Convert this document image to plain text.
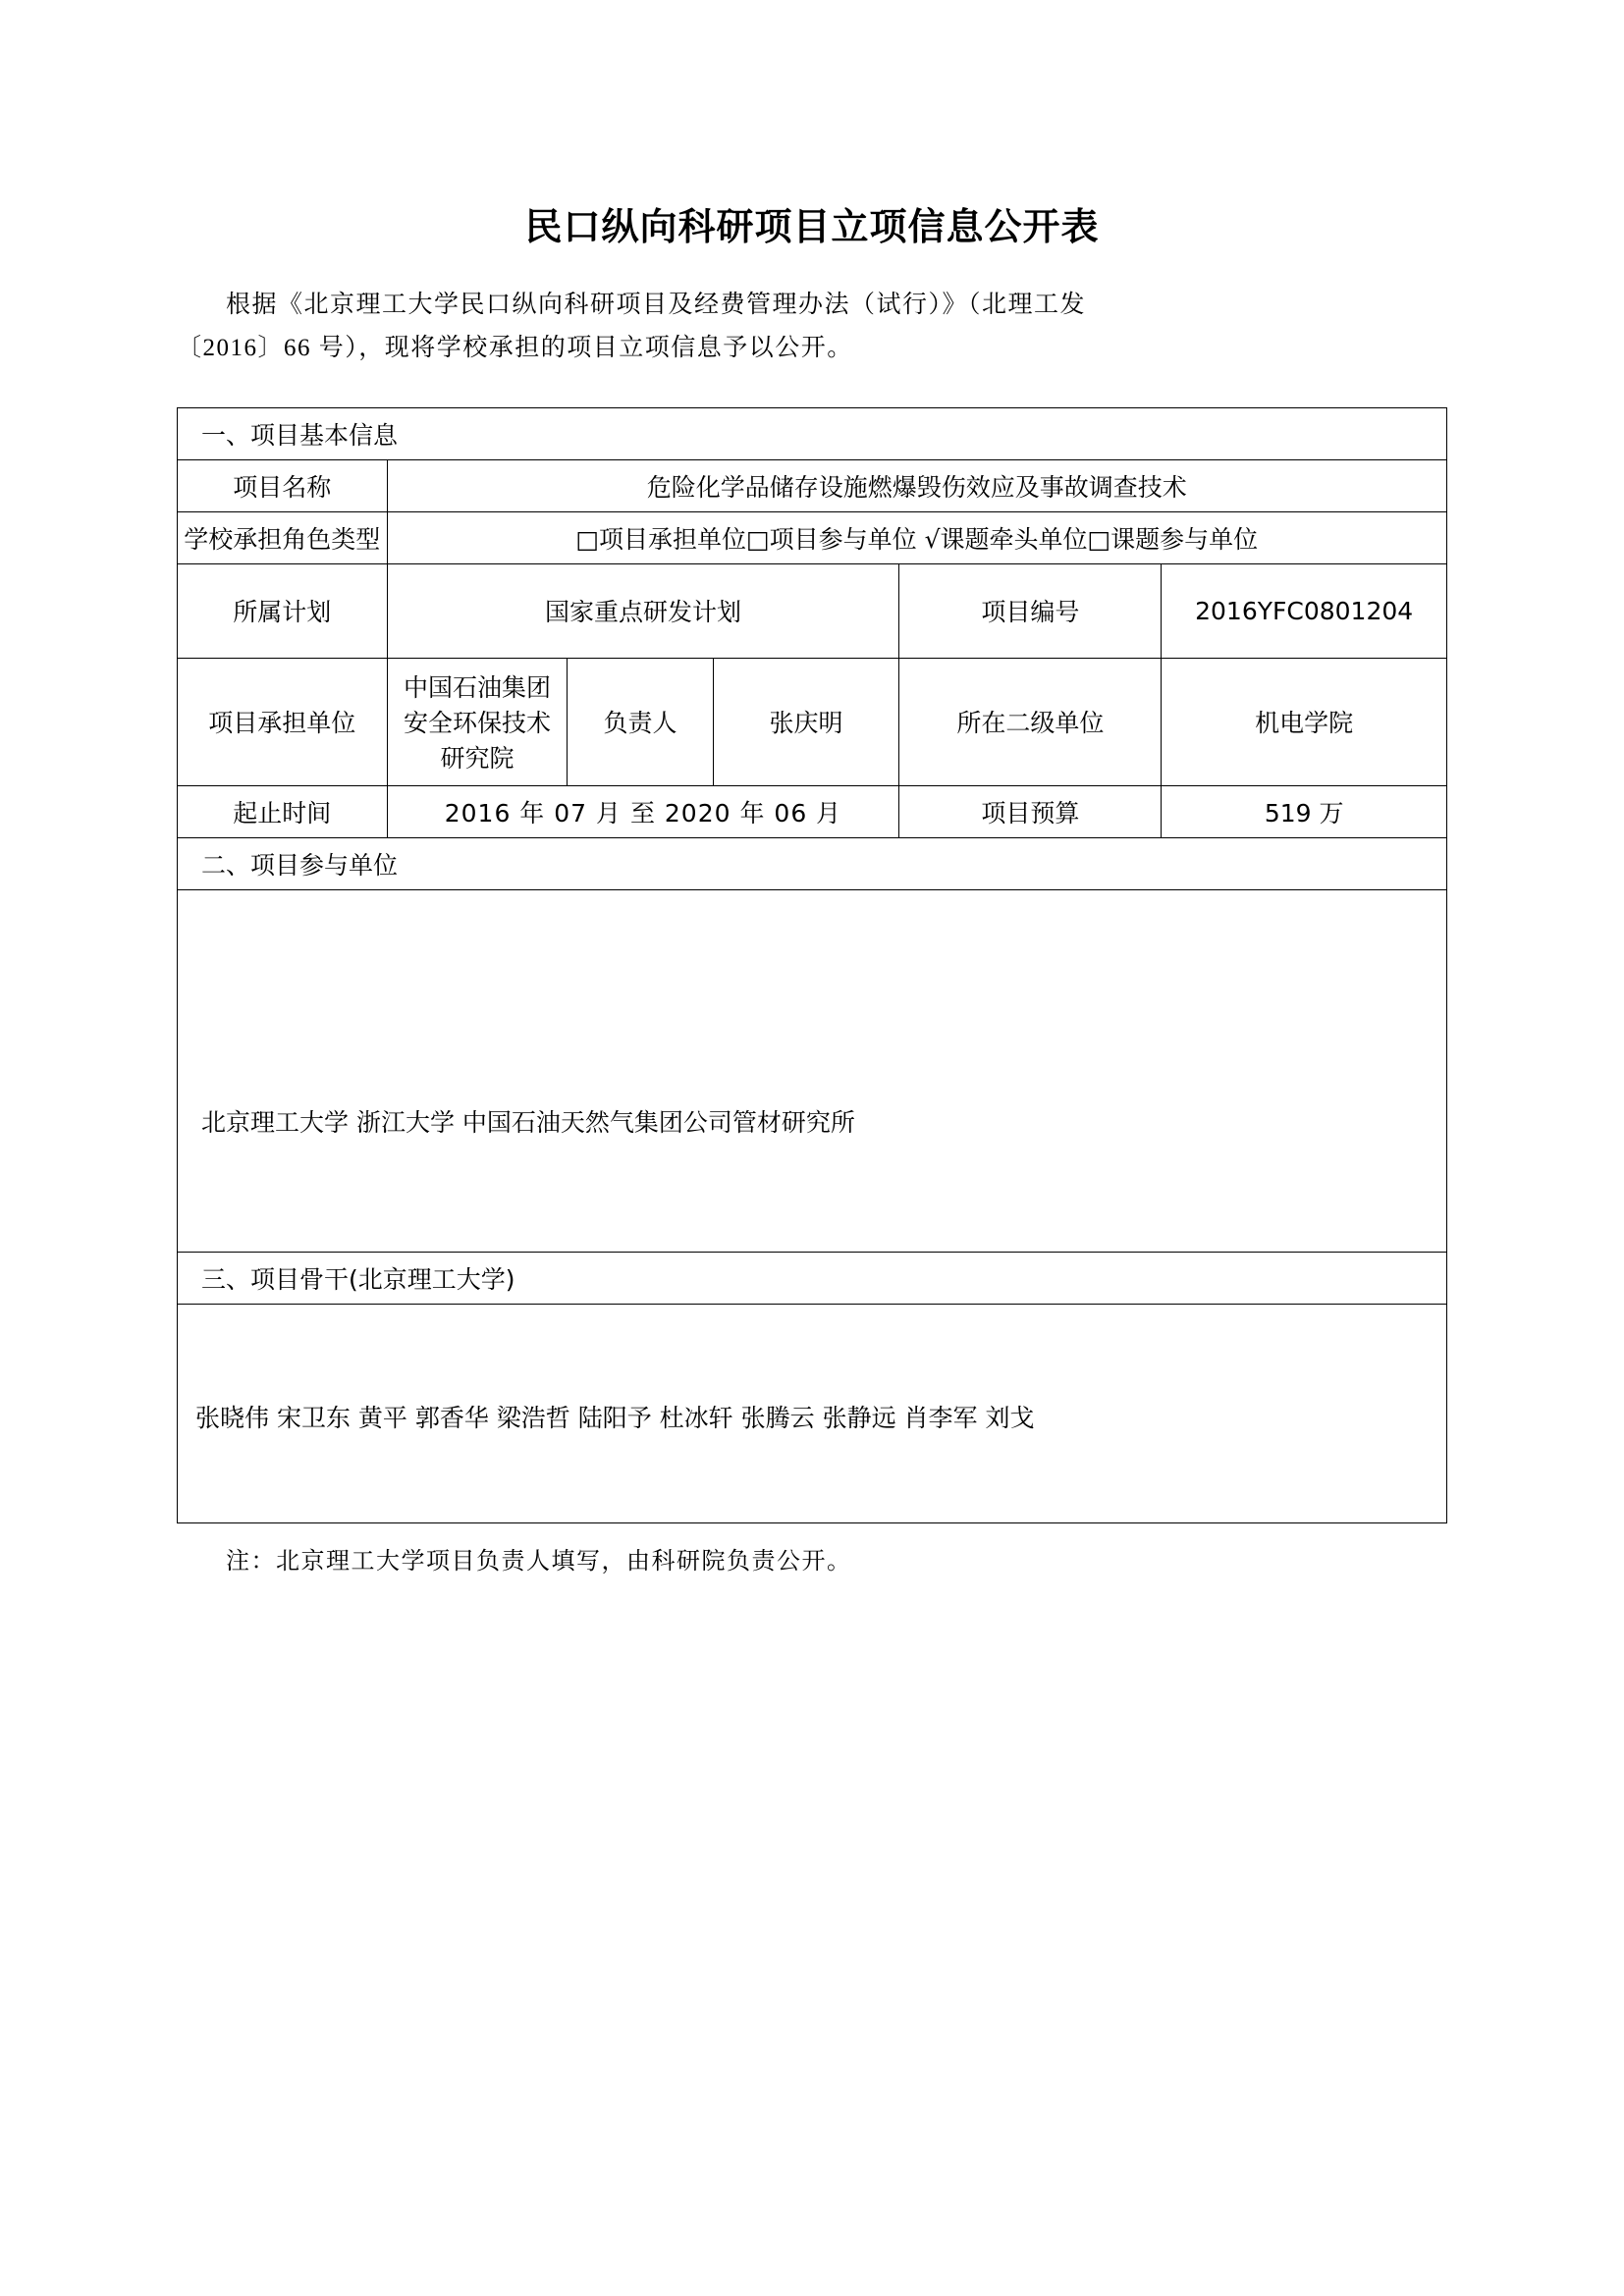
民口纵向科研项目立项信息公开表
根据《北京理工大学民口纵向科研项目及经费管理办法（试行）》（北理工发
〔2016〕66 号），现将学校承担的项目立项信息予以公开。
一、项目基本信息					
项目名称	危险化学品储存设施燃爆毁伤效应及事故调查技术				
学校承担角色类型	□项目承担单位□项目参与单位 √课题牵头单位□课题参与单位				
所属计划	国家重点研发计划			项目编号	2016YFC0801204
项目承担单位	中国石油集团安全环保技术研究院	负责人	张庆明	所在二级单位	机电学院
起止时间	2016 年 07 月 至 2020 年 06 月			项目预算	519 万
二、项目参与单位					
北京理工大学 浙江大学 中国石油天然气集团公司管材研究所					
三、项目骨干(北京理工大学)					
张晓伟 宋卫东 黄平 郭香华 梁浩哲 陆阳予 杜冰轩 张腾云 张静远 肖李军 刘戈					
注：北京理工大学项目负责人填写，由科研院负责公开。
